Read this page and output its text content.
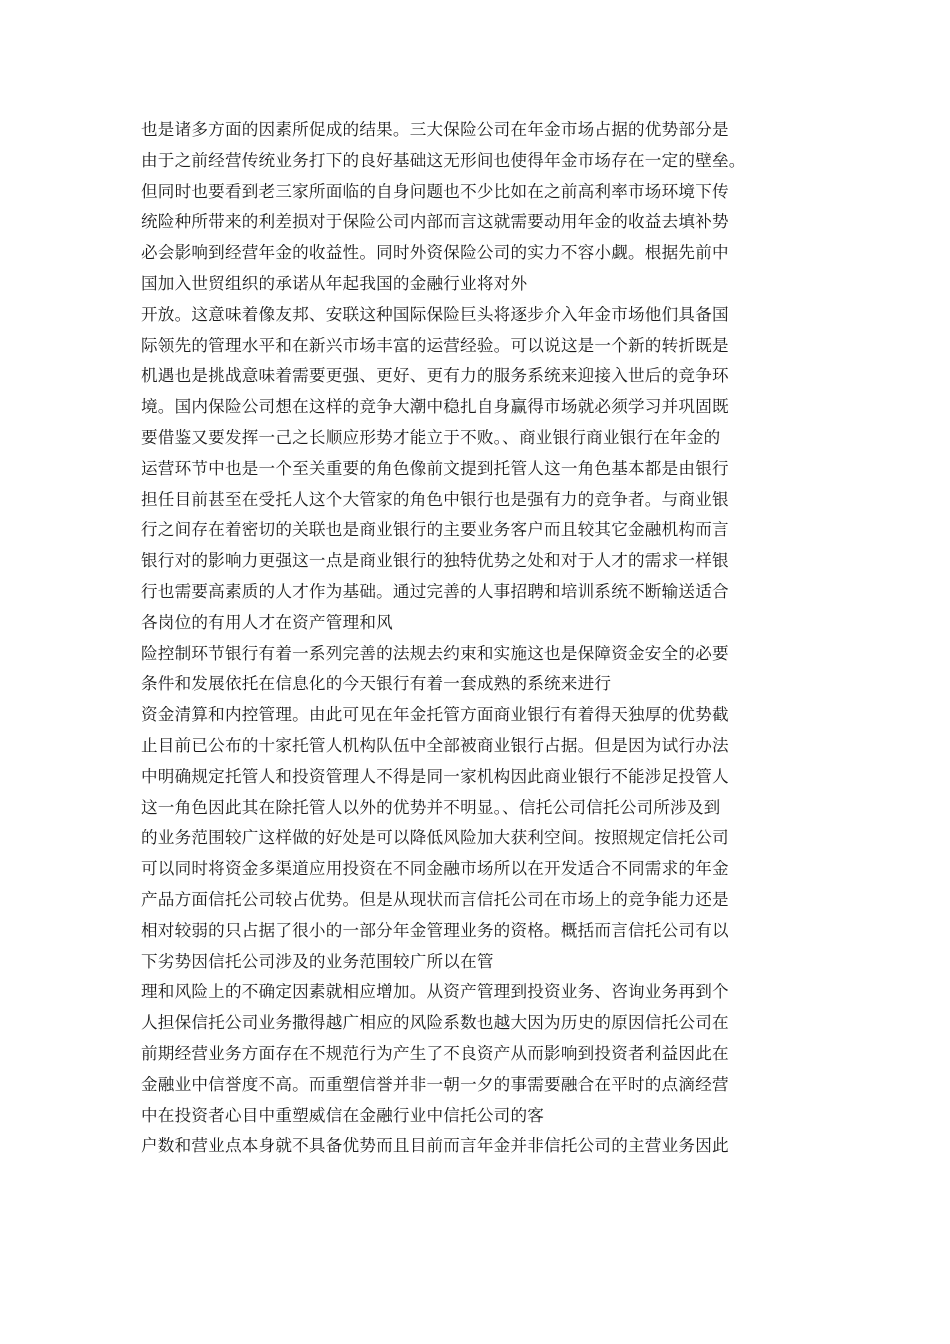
也是诸多方面的因素所促成的结果。三大保险公司在年金市场占据的优势部分是
由于之前经营传统业务打下的良好基础这无形间也使得年金市场存在一定的壁垒。
但同时也要看到老三家所面临的自身问题也不少比如在之前高利率市场环境下传
统险种所带来的利差损对于保险公司内部而言这就需要动用年金的收益去填补势
必会影响到经营年金的收益性。同时外资保险公司的实力不容小觑。根据先前中
国加入世贸组织的承诺从年起我国的金融行业将对外
开放。这意味着像友邦、安联这种国际保险巨头将逐步介入年金市场他们具备国
际领先的管理水平和在新兴市场丰富的运营经验。可以说这是一个新的转折既是
机遇也是挑战意味着需要更强、更好、更有力的服务系统来迎接入世后的竞争环
境。国内保险公司想在这样的竞争大潮中稳扎自身赢得市场就必须学习并巩固既
要借鉴又要发挥一己之长顺应形势才能立于不败。、商业银行商业银行在年金的
运营环节中也是一个至关重要的角色像前文提到托管人这一角色基本都是由银行
担任目前甚至在受托人这个大管家的角色中银行也是强有力的竞争者。与商业银
行之间存在着密切的关联也是商业银行的主要业务客户而且较其它金融机构而言
银行对的影响力更强这一点是商业银行的独特优势之处和对于人才的需求一样银
行也需要高素质的人才作为基础。通过完善的人事招聘和培训系统不断输送适合
各岗位的有用人才在资产管理和风
险控制环节银行有着一系列完善的法规去约束和实施这也是保障资金安全的必要
条件和发展依托在信息化的今天银行有着一套成熟的系统来进行
资金清算和内控管理。由此可见在年金托管方面商业银行有着得天独厚的优势截
止目前已公布的十家托管人机构队伍中全部被商业银行占据。但是因为试行办法
中明确规定托管人和投资管理人不得是同一家机构因此商业银行不能涉足投管人
这一角色因此其在除托管人以外的优势并不明显。、信托公司信托公司所涉及到
的业务范围较广这样做的好处是可以降低风险加大获利空间。按照规定信托公司
可以同时将资金多渠道应用投资在不同金融市场所以在开发适合不同需求的年金
产品方面信托公司较占优势。但是从现状而言信托公司在市场上的竞争能力还是
相对较弱的只占据了很小的一部分年金管理业务的资格。概括而言信托公司有以
下劣势因信托公司涉及的业务范围较广所以在管
理和风险上的不确定因素就相应增加。从资产管理到投资业务、咨询业务再到个
人担保信托公司业务撒得越广相应的风险系数也越大因为历史的原因信托公司在
前期经营业务方面存在不规范行为产生了不良资产从而影响到投资者利益因此在
金融业中信誉度不高。而重塑信誉并非一朝一夕的事需要融合在平时的点滴经营
中在投资者心目中重塑威信在金融行业中信托公司的客
户数和营业点本身就不具备优势而且目前而言年金并非信托公司的主营业务因此
